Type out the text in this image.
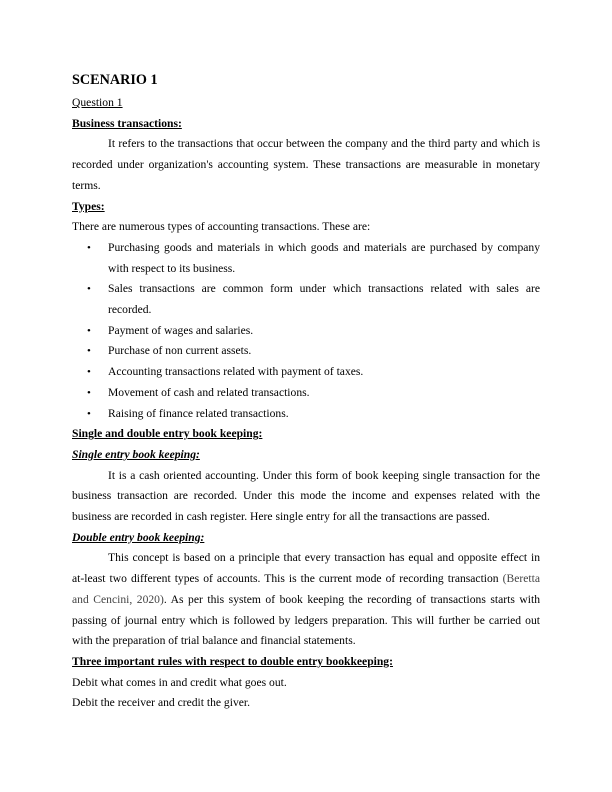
SCENARIO 1

Question 1

Business transactions:

It refers to the transactions that occur between the company and the third party and which is recorded under organization's accounting system. These transactions are measurable in monetary terms.

Types:

There are numerous types of accounting transactions. These are:

• Purchasing goods and materials in which goods and materials are purchased by company with respect to its business.
• Sales transactions are common form under which transactions related with sales are recorded.
• Payment of wages and salaries.
• Purchase of non current assets.
• Accounting transactions related with payment of taxes.
• Movement of cash and related transactions.
• Raising of finance related transactions.

Single and double entry book keeping:

Single entry book keeping:

It is a cash oriented accounting. Under this form of book keeping single transaction for the business transaction are recorded. Under this mode the income and expenses related with the business are recorded in cash register. Here single entry for all the transactions are passed.

Double entry book keeping:

This concept is based on a principle that every transaction has equal and opposite effect in at-least two different types of accounts. This is the current mode of recording transaction (Beretta and Cencini, 2020). As per this system of book keeping the recording of transactions starts with passing of journal entry which is followed by ledgers preparation. This will further be carried out with the preparation of trial balance and financial statements.

Three important rules with respect to double entry bookkeeping:

Debit what comes in and credit what goes out.

Debit the receiver and credit the giver.
